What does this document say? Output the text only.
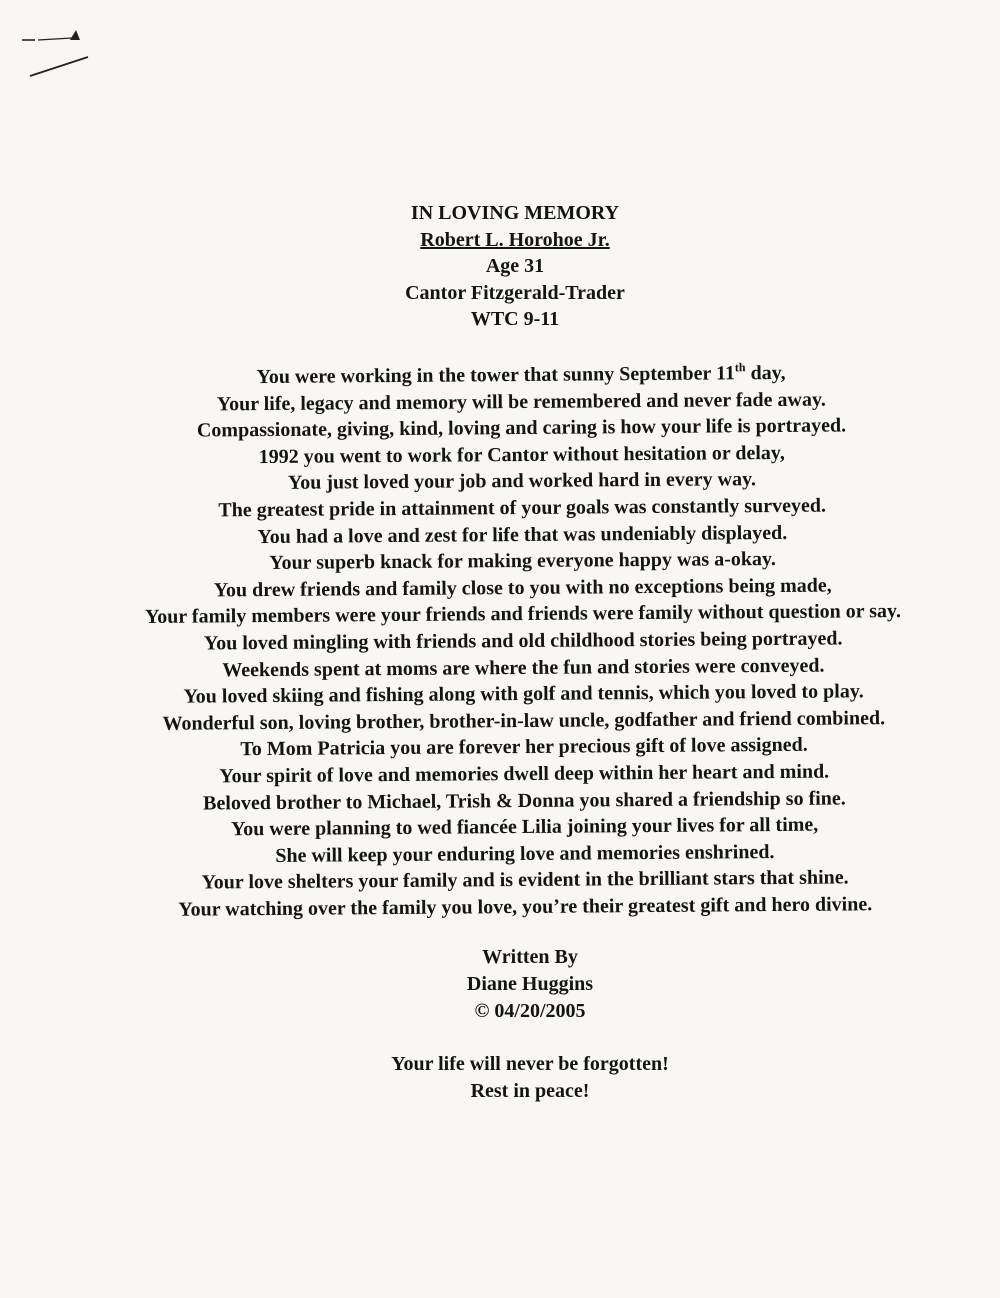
IN LOVING MEMORY
Robert L. Horohoe Jr.
Age 31
Cantor Fitzgerald-Trader
WTC 9-11
You were working in the tower that sunny September 11th day,
Your life, legacy and memory will be remembered and never fade away.
Compassionate, giving, kind, loving and caring is how your life is portrayed.
1992 you went to work for Cantor without hesitation or delay,
You just loved your job and worked hard in every way.
The greatest pride in attainment of your goals was constantly surveyed.
You had a love and zest for life that was undeniably displayed.
Your superb knack for making everyone happy was a-okay.
You drew friends and family close to you with no exceptions being made,
Your family members were your friends and friends were family without question or say.
You loved mingling with friends and old childhood stories being portrayed.
Weekends spent at moms are where the fun and stories were conveyed.
You loved skiing and fishing along with golf and tennis, which you loved to play.
Wonderful son, loving brother, brother-in-law uncle, godfather and friend combined.
To Mom Patricia you are forever her precious gift of love assigned.
Your spirit of love and memories dwell deep within her heart and mind.
Beloved brother to Michael, Trish & Donna you shared a friendship so fine.
You were planning to wed fiancée Lilia joining your lives for all time,
She will keep your enduring love and memories enshrined.
Your love shelters your family and is evident in the brilliant stars that shine.
Your watching over the family you love, you’re their greatest gift and hero divine.
Written By
Diane Huggins
© 04/20/2005
Your life will never be forgotten!
Rest in peace!
